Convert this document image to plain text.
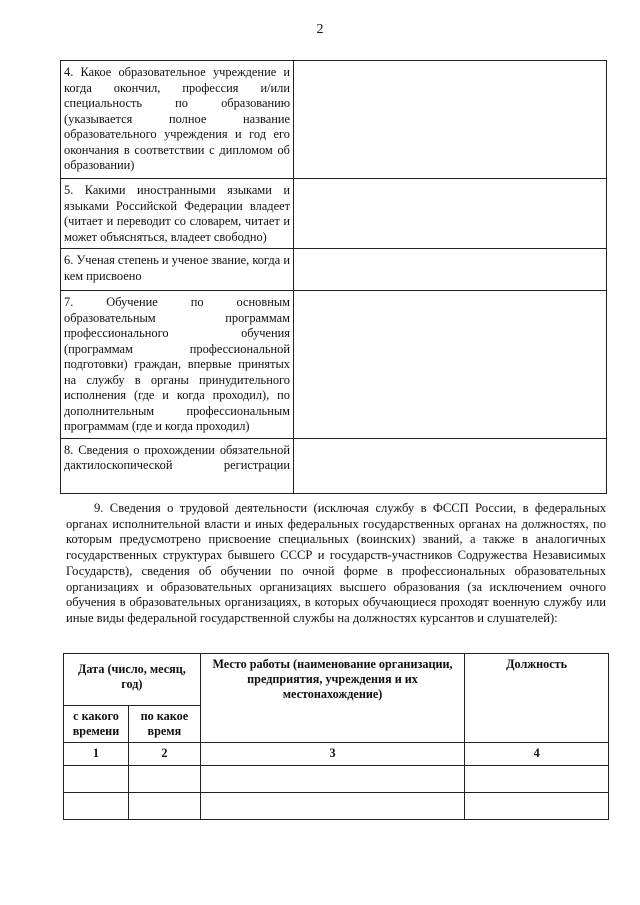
2
4. Какое образовательное учреждение и когда окончил, профессия и/или специальность по образованию (указывается полное название образовательного учреждения и год его окончания в соответствии с дипломом об образовании)	
5. Какими иностранными языками и языками Российской Федерации владеет (читает и переводит со словарем, читает и может объясняться, владеет свободно)	
6. Ученая степень и ученое звание, когда и кем присвоено	
7. Обучение по основным образовательным программам профессионального обучения (программам профессиональной подготовки) граждан, впервые принятых на службу в органы принудительного исполнения (где и когда проходил), по дополнительным профессиональным программам (где и когда проходил)	
8. Сведения о прохождении обязательной дактилоскопической регистрации	
9. Сведения о трудовой деятельности (исключая службу в ФССП России, в федеральных органах исполнительной власти и иных федеральных государственных органах на должностях, по которым предусмотрено присвоение специальных (воинских) званий, а также в аналогичных государственных структурах бывшего СССР и государств-участников Содружества Независимых Государств), сведения об обучении по очной форме в профессиональных образовательных организациях и образовательных организациях высшего образования (за исключением очного обучения в образовательных организациях, в которых обучающиеся проходят военную службу или иные виды федеральной государственной службы на должностях курсантов и слушателей):
Дата (число, месяц, год)		Место работы (наименование организации, предприятия, учреждения и их местонахождение)	Должность
с какого времени	по какое время		
1	2	3	4
